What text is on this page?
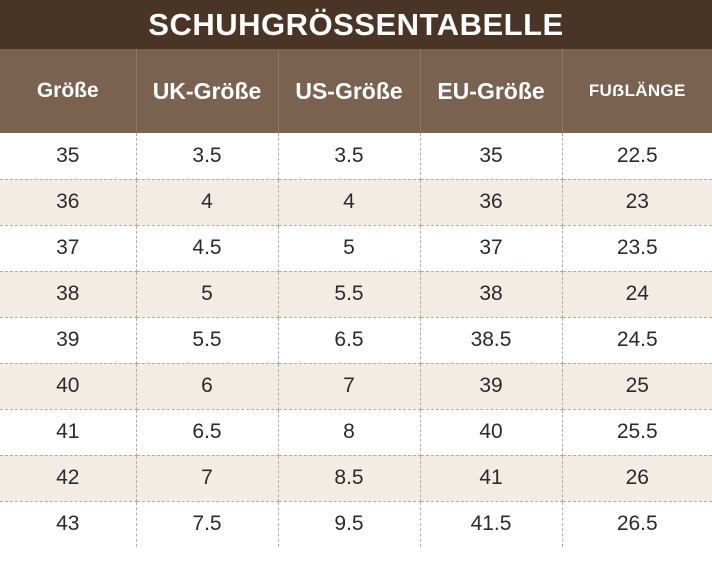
SCHUHGRÖSSENTABELLE
Größe	UK-Größe	US-Größe	EU-Größe	FUẞLÄNGE
35	3.5	3.5	35	22.5
36	4	4	36	23
37	4.5	5	37	23.5
38	5	5.5	38	24
39	5.5	6.5	38.5	24.5
40	6	7	39	25
41	6.5	8	40	25.5
42	7	8.5	41	26
43	7.5	9.5	41.5	26.5
